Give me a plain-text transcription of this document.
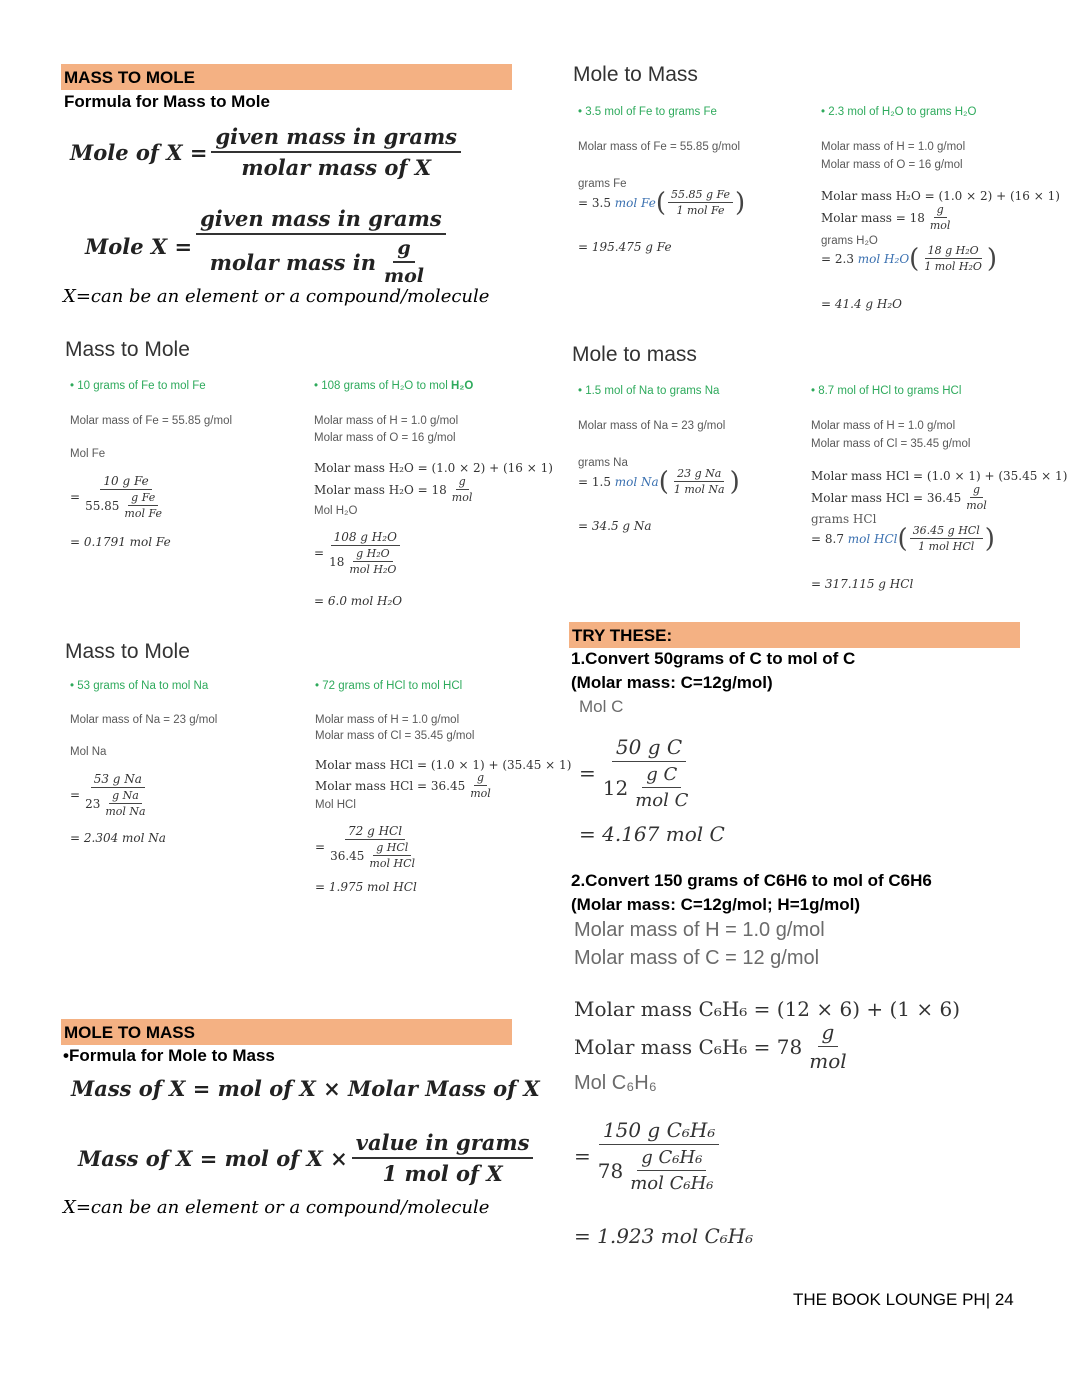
MASS TO MOLE
Formula for Mass to Mole
Mole of $X = \frac{\text{given mass in grams}}{\text{molar mass of X}}$
Mole $X = \frac{\text{given mass in grams}}{molar mass in \frac{g}{\text{mol}}}$
X=can be an element or a compound/molecule
Mole to Mass
• 3.5 mol of Fe to grams Fe
Molar mass of Fe = 55.85 g/mol
grams Fe
= 3.5
mol Fe ( $\frac{\text{55.85 g Fe}}{\text{1 mol Fe}}$ )
= 195.475 g Fe
• 2.3 mol of H₂O to grams H₂O
Molar mass of H = 1.0 g/mol
Molar mass of O = 16 g/mol
Molar mass H₂O = (1.0 × 2) + (16 × 1)
Molar mass = $18 \frac{g}{\text{mol}}$
grams H₂O
= 2.3
mol H₂O ( $\frac{\text{18 g H₂O}}{\text{1 mol H₂O}}$ )
= 41.4 g H₂O
Mass to Mole
• 10 grams of Fe to mol Fe
Molar mass of Fe = 55.85 g/mol
Mol Fe
= $\frac{\text{10 g Fe}}{55.85 \frac{\text{g Fe}}{\text{mol Fe}}}$
= 0.1791 mol Fe
• 108 grams of H₂O to mol H₂O
Molar mass of H = 1.0 g/mol
Molar mass of O = 16 g/mol
Molar mass H₂O = (1.0 × 2) + (16 × 1)
Molar mass $H_2O = 18 \frac{g}{\text{mol}}$
Mol H₂O
= $\frac{\text{108 g H₂O}}{18 \frac{\text{g H₂O}}{\text{mol H₂O}}}$
= 6.0 mol H₂O
Mole to mass
• 1.5 mol of Na to grams Na
Molar mass of Na = 23 g/mol
grams Na
= 1.5
mol Na ( $\frac{\text{23 g Na}}{\text{1 mol Na}}$ )
= 34.5 g Na
• 8.7 mol of HCl to grams HCl
Molar mass of H = 1.0 g/mol
Molar mass of Cl = 35.45 g/mol
Molar mass HCl = (1.0 × 1) + (35.45 × 1)
Molar mass HCl = $36.45 \frac{g}{\text{mol}}$
grams HCl
= 8.7
mol HCl ( $\frac{\text{36.45 g HCl}}{\text{1 mol HCl}}$ )
= 317.115 g HCl
Mass to Mole
• 53 grams of Na to mol Na
Molar mass of Na = 23 g/mol
Mol Na
= $\frac{\text{53 g Na}}{23 \frac{\text{g Na}}{\text{mol Na}}}$
= 2.304 mol Na
• 72 grams of HCl to mol HCl
Molar mass of H = 1.0 g/mol
Molar mass of Cl = 35.45 g/mol
Molar mass HCl = (1.0 × 1) + (35.45 × 1)
Molar mass HCl = $36.45 \frac{g}{\text{mol}}$
Mol HCl
= $\frac{\text{72 g HCl}}{36.45 \frac{\text{g HCl}}{\text{mol HCl}}}$
= 1.975 mol HCl
MOLE TO MASS
•Formula for Mole to Mass
Mass of X = mol of X × Molar Mass of X
Mass of X = mol of $X \times \frac{\text{value in grams}}{\text{1 mol of X}}$
X=can be an element or a compound/molecule
TRY THESE:
1.Convert 50grams of C to mol of C
(Molar mass: C=12g/mol)
Mol C
= $\frac{\text{50 g C}}{12 \frac{\text{g C}}{\text{mol C}}}$
= 4.167 mol C
2.Convert 150 grams of C6H6 to mol of C6H6
(Molar mass: C=12g/mol; H=1g/mol)
Molar mass of H = 1.0 g/mol
Molar mass of C = 12 g/mol
Molar mass C₆H₆ = (12 × 6) + (1 × 6)
Molar mass $C_6H_6 = 78 \frac{g}{\text{mol}}$
Mol C₆H₆
= $\frac{\text{150 g C₆H₆}}{78 \frac{\text{g C₆H₆}}{\text{mol C₆H₆}}}$
= 1.923 mol C₆H₆
THE BOOK LOUNGE PH| 24
